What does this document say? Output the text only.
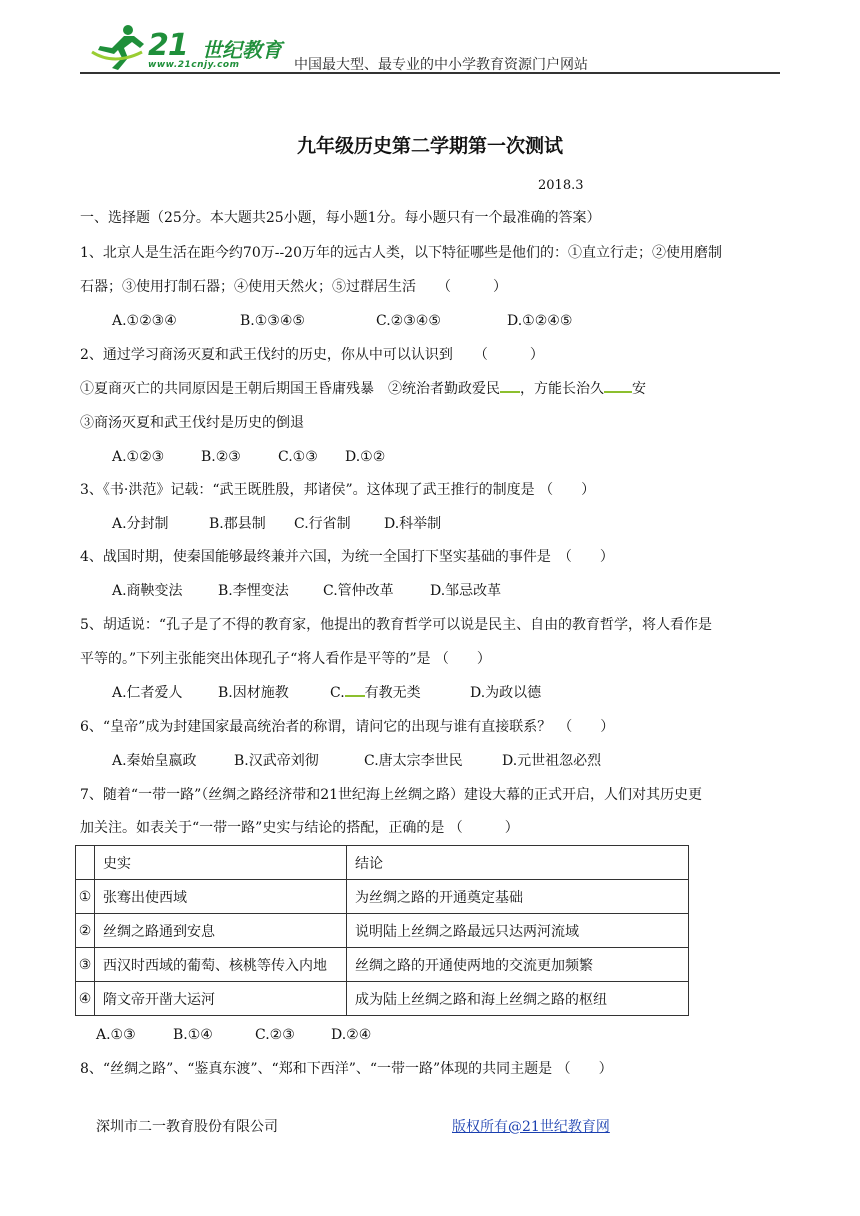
21 世纪教育
www.21cnjy.com	中国最大型、最专业的中小学教育资源门户网站
九年级历史第二学期第一次测试
2018.3
一、选择题（25分。本大题共25小题，每小题1分。每小题只有一个最准确的答案）
1、北京人是生活在距今约70万--20万年的远古人类，以下特征哪些是他们的：①直立行走；②使用磨制
石器；③使用打制石器；④使用天然火；⑤过群居生活　　（　　　）
A.①②③④	B.①③④⑤	C.②③④⑤	D.①②④⑤
2、通过学习商汤灭夏和武王伐纣的历史，你从中可以认识到　　（　　　）
①夏商灭亡的共同原因是王朝后期国王昏庸残暴　②统治者勤政爱民 ，方能长治久 安
③商汤灭夏和武王伐纣是历史的倒退
A.①②③	B.②③	C.①③ D.①②
3、《书·洪范》记载：“武王既胜殷，邦诸侯”。这体现了武王推行的制度是 （　　）
A.分封制	B.郡县制 C.行省制 D.科举制
4、战国时期，使秦国能够最终兼并六国，为统一全国打下坚实基础的事件是　（　　）
A.商鞅变法	B.李悝变法 C.管仲改革	D.邹忌改革
5、胡适说：“孔子是了不得的教育家，他提出的教育哲学可以说是民主、自由的教育哲学，将人看作是
平等的。”下列主张能突出体现孔子“将人看作是平等的”是 （　　）
A.仁者爱人	B.因材施教	C. 有教无类	D.为政以德
6、“皇帝”成为封建国家最高统治者的称谓，请问它的出现与谁有直接联系？　（　　）
A.秦始皇嬴政	B.汉武帝刘彻	C.唐太宗李世民	D.元世祖忽必烈
7、随着“一带一路”（丝绸之路经济带和21世纪海上丝绸之路）建设大幕的正式开启，人们对其历史更
加关注。如表关于“一带一路”史实与结论的搭配，正确的是 （　　　）
	史实	结论
①	张骞出使西域	为丝绸之路的开通奠定基础
②	丝绸之路通到安息	说明陆上丝绸之路最远只达两河流域
③	西汉时西域的葡萄、核桃等传入内地	丝绸之路的开通使两地的交流更加频繁
④	隋文帝开凿大运河	成为陆上丝绸之路和海上丝绸之路的枢纽
A.①③	B.①④	C.②③	D.②④
8、“丝绸之路”、“鉴真东渡”、“郑和下西洋”、“一带一路”体现的共同主题是 （　　）
深圳市二一教育股份有限公司	版权所有@21世纪教育网
